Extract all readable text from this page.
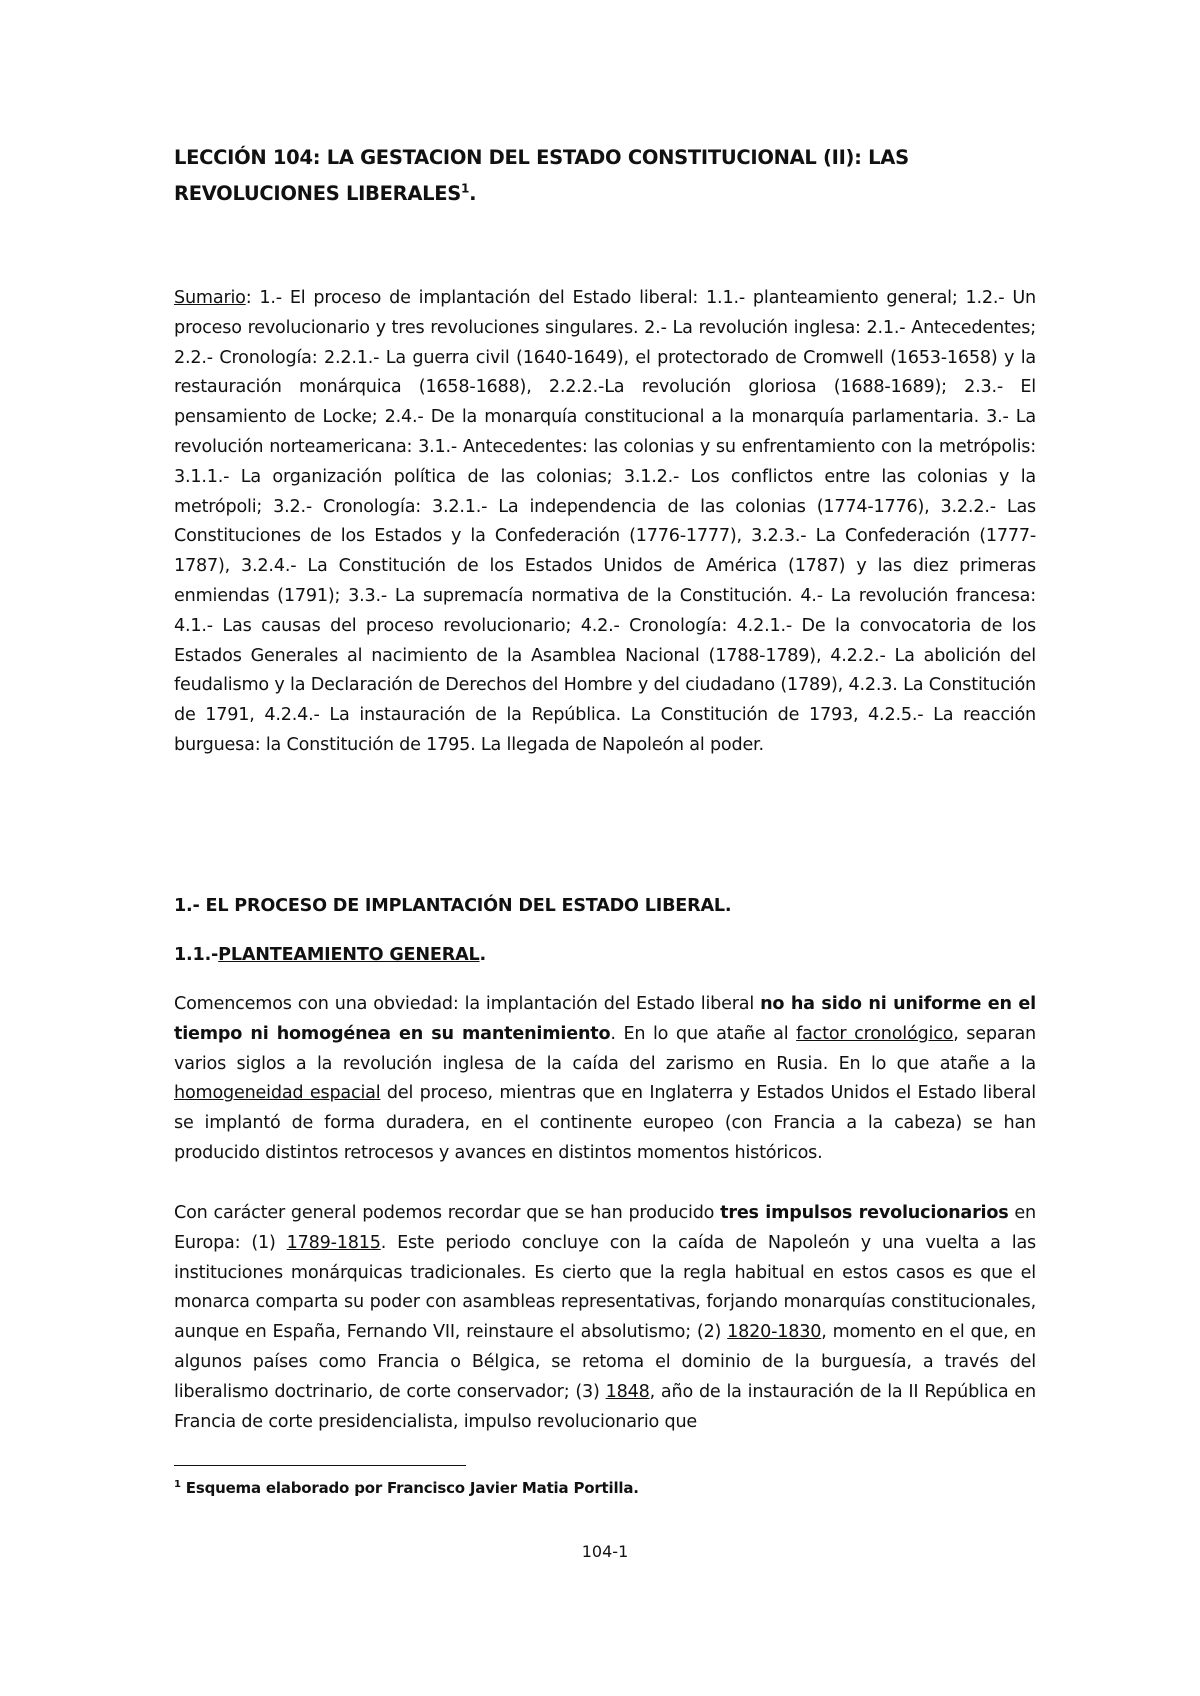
LECCIÓN 104: LA GESTACION DEL ESTADO CONSTITUCIONAL (II): LAS REVOLUCIONES LIBERALES$^1$.

Sumario: 1.- El proceso de implantación del Estado liberal: 1.1.- planteamiento general; 1.2.- Un proceso revolucionario y tres revoluciones singulares. 2.- La revolución inglesa: 2.1.- Antecedentes; 2.2.- Cronología: 2.2.1.- La guerra civil (1640-1649), el protectorado de Cromwell (1653-1658) y la restauración monárquica (1658-1688), 2.2.2.-La revolución gloriosa (1688-1689); 2.3.- El pensamiento de Locke; 2.4.- De la monarquía constitucional a la monarquía parlamentaria. 3.- La revolución norteamericana: 3.1.- Antecedentes: las colonias y su enfrentamiento con la metrópolis: 3.1.1.- La organización política de las colonias; 3.1.2.- Los conflictos entre las colonias y la metrópoli; 3.2.- Cronología: 3.2.1.- La independencia de las colonias (1774-1776), 3.2.2.- Las Constituciones de los Estados y la Confederación (1776-1777), 3.2.3.- La Confederación (1777-1787), 3.2.4.- La Constitución de los Estados Unidos de América (1787) y las diez primeras enmiendas (1791); 3.3.- La supremacía normativa de la Constitución. 4.- La revolución francesa: 4.1.- Las causas del proceso revolucionario; 4.2.- Cronología: 4.2.1.- De la convocatoria de los Estados Generales al nacimiento de la Asamblea Nacional (1788-1789), 4.2.2.- La abolición del feudalismo y la Declaración de Derechos del Hombre y del ciudadano (1789), 4.2.3. La Constitución de 1791, 4.2.4.- La instauración de la República. La Constitución de 1793, 4.2.5.- La reacción burguesa: la Constitución de 1795. La llegada de Napoleón al poder.

1.- EL PROCESO DE IMPLANTACIÓN DEL ESTADO LIBERAL.
1.1.-PLANTEAMIENTO GENERAL.

Comencemos con una obviedad: la implantación del Estado liberal no ha sido ni uniforme en el tiempo ni homogénea en su mantenimiento. En lo que atañe al factor cronológico, separan varios siglos a la revolución inglesa de la caída del zarismo en Rusia. En lo que atañe a la homogeneidad espacial del proceso, mientras que en Inglaterra y Estados Unidos el Estado liberal se implantó de forma duradera, en el continente europeo (con Francia a la cabeza) se han producido distintos retrocesos y avances en distintos momentos históricos.

Con carácter general podemos recordar que se han producido tres impulsos revolucionarios en Europa: (1) 1789-1815. Este periodo concluye con la caída de Napoleón y una vuelta a las instituciones monárquicas tradicionales. Es cierto que la regla habitual en estos casos es que el monarca comparta su poder con asambleas representativas, forjando monarquías constitucionales, aunque en España, Fernando VII, reinstaure el absolutismo; (2) 1820-1830, momento en el que, en algunos países como Francia o Bélgica, se retoma el dominio de la burguesía, a través del liberalismo doctrinario, de corte conservador; (3) 1848, año de la instauración de la II República en Francia de corte presidencialista, impulso revolucionario que

$^1$ Esquema elaborado por Francisco Javier Matia Portilla.

104-1
